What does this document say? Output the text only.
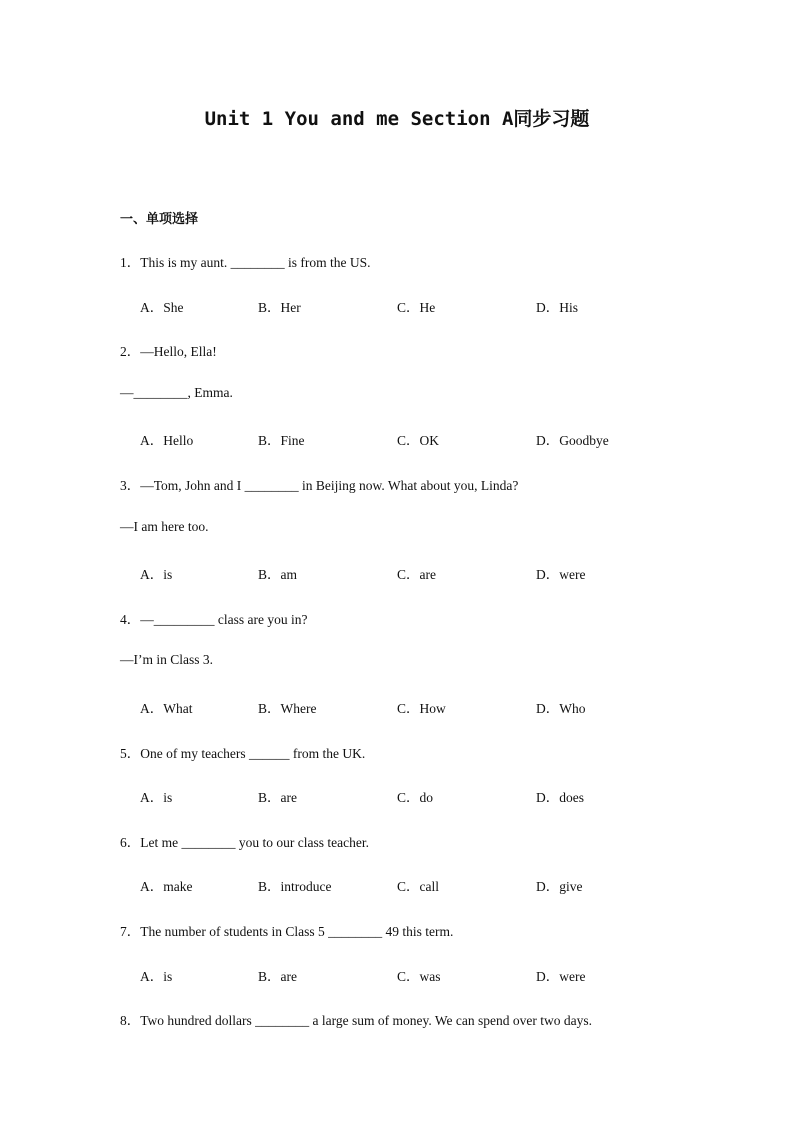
Unit 1 You and me Section A同步习题
一、单项选择
1．This is my aunt. ________ is from the US.
A．She	B．Her	C．He	D．His
2．—Hello, Ella!
—________, Emma.
A．Hello	B．Fine	C．OK	D．Goodbye
3．—Tom, John and I ________ in Beijing now. What about you, Linda?
—I am here too.
A．is	B．am	C．are	D．were
4．—_________ class are you in?
—I’m in Class 3.
A．What	B．Where	C．How	D．Who
5．One of my teachers ______ from the UK.
A．is	B．are	C．do	D．does
6．Let me ________ you to our class teacher.
A．make	B．introduce	C．call	D．give
7．The number of students in Class 5 ________ 49 this term.
A．is	B．are	C．was	D．were
8．Two hundred dollars ________ a large sum of money. We can spend over two days.
